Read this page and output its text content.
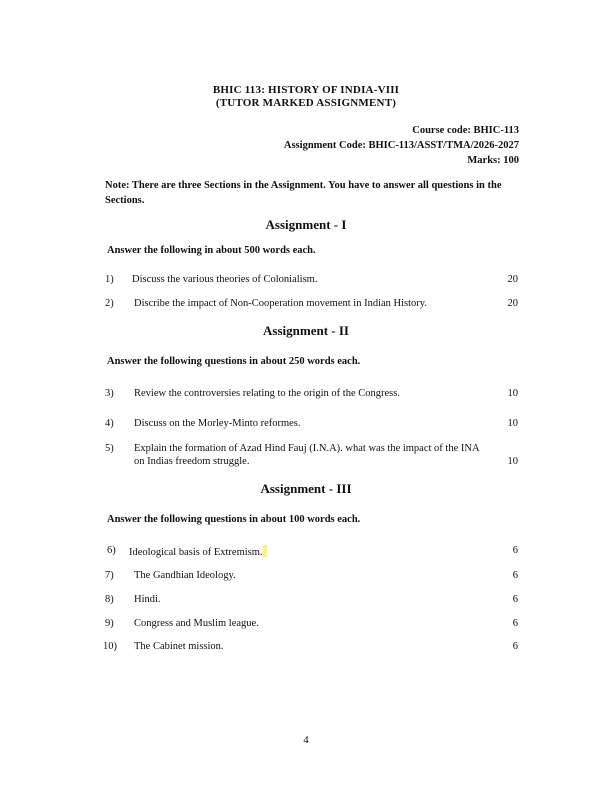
BHIC 113: HISTORY OF INDIA-VIII
(TUTOR MARKED ASSIGNMENT)
Course code: BHIC-113
Assignment Code: BHIC-113/ASST/TMA/2026-2027
Marks: 100
Note: There are three Sections in the Assignment. You have to answer all questions in the Sections.
Assignment - I
Answer the following in about 500 words each.
1) Discuss the various theories of Colonialism.	20
2) Discribe the impact of Non-Cooperation movement in Indian History.	20
Assignment - II
Answer the following questions in about 250 words each.
3) Review the controversies relating to the origin of the Congress.	10
4) Discuss on the Morley-Minto reformes.	10
5) Explain the formation of Azad Hind Fauj (I.N.A). what was the impact of the INA
on Indias freedom struggle.	10
Assignment - III
Answer the following questions in about 100 words each.
6) Ideological basis of Extremism.	6
7) The Gandhian Ideology.	6
8) Hindi.	6
9) Congress and Muslim league.	6
10) The Cabinet mission.	6
4
